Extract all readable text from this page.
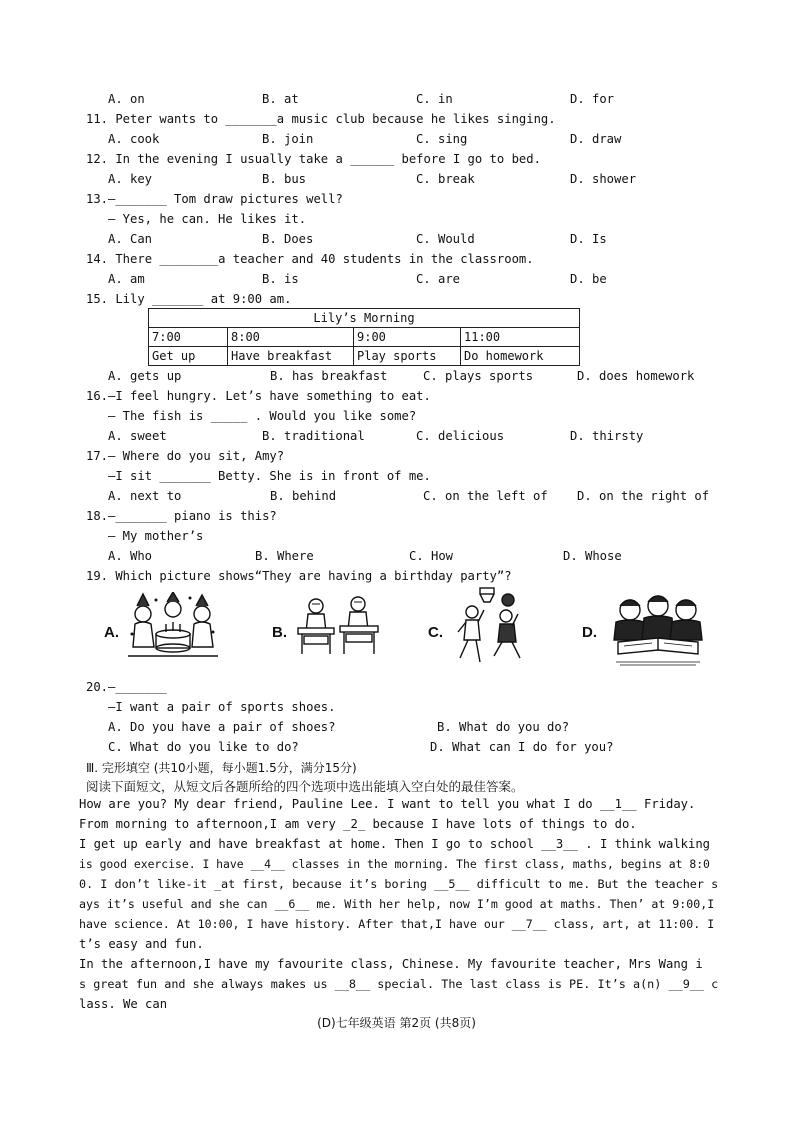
A. on	B. at	C. in	D. for
11. Peter wants to _______a music club because he likes singing.
A. cook	B. join	C. sing	D. draw
12. In the evening I usually take a ______ before I go to bed.
A. key	B. bus	C. break	D. shower
13.—_______ Tom draw pictures well?
— Yes, he can. He likes it.
A. Can	B. Does	C. Would	D. Is
14. There ________a teacher and 40 students in the classroom.
A. am	B. is	C. are	D. be
15. Lily _______ at 9:00 am.
Lily’s Morning			
7:00	8:00	9:00	11:00
Get up	Have breakfast	Play sports	Do homework
A. gets up	B. has breakfast	C. plays sports	D. does homework
16.—I feel hungry. Let’s have something to eat.
— The fish is _____ . Would you like some?
A. sweet	B. traditional	C. delicious	D. thirsty
17.— Where do you sit, Amy?
—I sit _______ Betty. She is in front of me.
A. next to	B. behind	C. on the left of D. on the right of
18.—_______ piano is this?
— My mother’s
A. Who	B. Where	C. How	D. Whose
19. Which picture shows“They are having a birthday party”?
A.	B.	C.	D.
20.—_______
—I want a pair of sports shoes.
A. Do you have a pair of shoes?	B. What do you do?
C. What do you like to do?	D. What can I do for you?
Ⅲ. 完形填空 (共10小题，每小题1.5分，满分15分)
阅读下面短文，从短文后各题所给的四个选项中选出能填入空白处的最佳答案。
How are you? My dear friend, Pauline Lee. I want to tell you what I do __1__ Friday.
From morning to afternoon,I am very _2_ because I have lots of things to do.
I get up early and have breakfast at home. Then I go to school __3__ . I think walking
is good exercise. I have __4__ classes in the morning. The first class, maths, begins at 8:0
0. I don’t like-it _at first, because it’s boring __5__ difficult to me. But the teacher s
ays it’s useful and she can __6__ me. With her help, now I’m good at maths. Then’ at 9:00,I
have science. At 10:00, I have history. After that,I have our __7__ class, art, at 11:00. I
t’s easy and fun.
In the afternoon,I have my favourite class, Chinese. My favourite teacher, Mrs Wang i
s great fun and she always makes us __8__ special. The last class is PE. It’s a(n) __9__ c
lass. We can
(D)七年级英语 第2页 (共8页)
